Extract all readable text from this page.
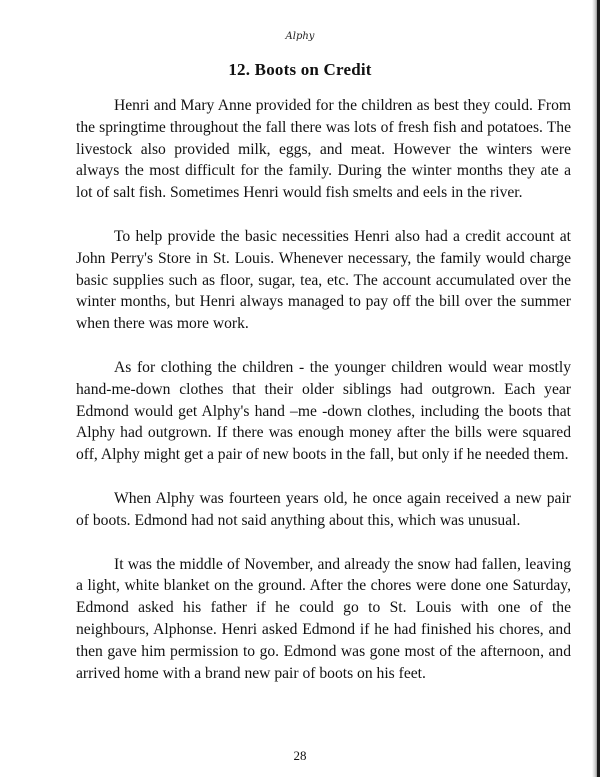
Alphy
12. Boots on Credit

Henri and Mary Anne provided for the children as best they could. From the springtime throughout the fall there was lots of fresh fish and potatoes. The livestock also provided milk, eggs, and meat. However the winters were always the most difficult for the family. During the winter months they ate a lot of salt fish. Sometimes Henri would fish smelts and eels in the river.

To help provide the basic necessities Henri also had a credit account at John Perry's Store in St. Louis. Whenever necessary, the family would charge basic supplies such as floor, sugar, tea, etc. The account accumulated over the winter months, but Henri always managed to pay off the bill over the summer when there was more work.

As for clothing the children - the younger children would wear mostly hand-me-down clothes that their older siblings had outgrown. Each year Edmond would get Alphy's hand –me -down clothes, including the boots that Alphy had outgrown. If there was enough money after the bills were squared off, Alphy might get a pair of new boots in the fall, but only if he needed them.

When Alphy was fourteen years old, he once again received a new pair of boots. Edmond had not said anything about this, which was unusual.

It was the middle of November, and already the snow had fallen, leaving a light, white blanket on the ground. After the chores were done one Saturday, Edmond asked his father if he could go to St. Louis with one of the neighbours, Alphonse. Henri asked Edmond if he had finished his chores, and then gave him permission to go. Edmond was gone most of the afternoon, and arrived home with a brand new pair of boots on his feet.

28
